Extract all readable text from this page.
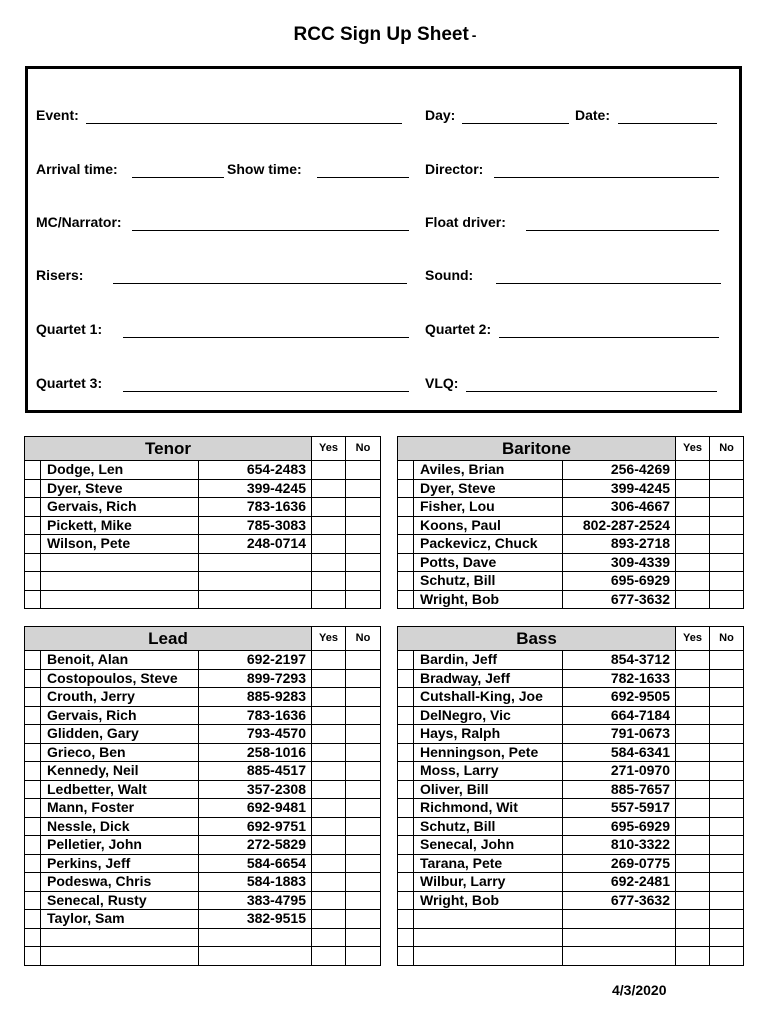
RCC Sign Up Sheet -
Event:	Day:	Date:
Arrival time:	Show time:	Director:
MC/Narrator:	Float driver:
Risers:	Sound:
Quartet 1:	Quartet 2:
Quartet 3:	VLQ:
Tenor			Yes	No
	Dodge, Len	654-2483		
	Dyer, Steve	399-4245		
	Gervais, Rich	783-1636		
	Pickett, Mike	785-3083		
	Wilson, Pete	248-0714		

Baritone			Yes	No
	Aviles, Brian	256-4269		
	Dyer, Steve	399-4245		
	Fisher, Lou	306-4667		
	Koons, Paul	802-287-2524		
	Packevicz, Chuck	893-2718		
	Potts, Dave	309-4339		
	Schutz, Bill	695-6929		
	Wright, Bob	677-3632		
Lead			Yes	No
	Benoit, Alan	692-2197		
	Costopoulos, Steve	899-7293		
	Crouth, Jerry	885-9283		
	Gervais, Rich	783-1636		
	Glidden, Gary	793-4570		
	Grieco, Ben	258-1016		
	Kennedy, Neil	885-4517		
	Ledbetter, Walt	357-2308		
	Mann, Foster	692-9481		
	Nessle, Dick	692-9751		
	Pelletier, John	272-5829		
	Perkins, Jeff	584-6654		
	Podeswa, Chris	584-1883		
	Senecal, Rusty	383-4795		
	Taylor, Sam	382-9515		

Bass			Yes	No
	Bardin, Jeff	854-3712		
	Bradway, Jeff	782-1633		
	Cutshall-King, Joe	692-9505		
	DelNegro, Vic	664-7184		
	Hays, Ralph	791-0673		
	Henningson, Pete	584-6341		
	Moss, Larry	271-0970		
	Oliver, Bill	885-7657		
	Richmond, Wit	557-5917		
	Schutz, Bill	695-6929		
	Senecal, John	810-3322		
	Tarana, Pete	269-0775		
	Wilbur, Larry	692-2481		
	Wright, Bob	677-3632		

4/3/2020
